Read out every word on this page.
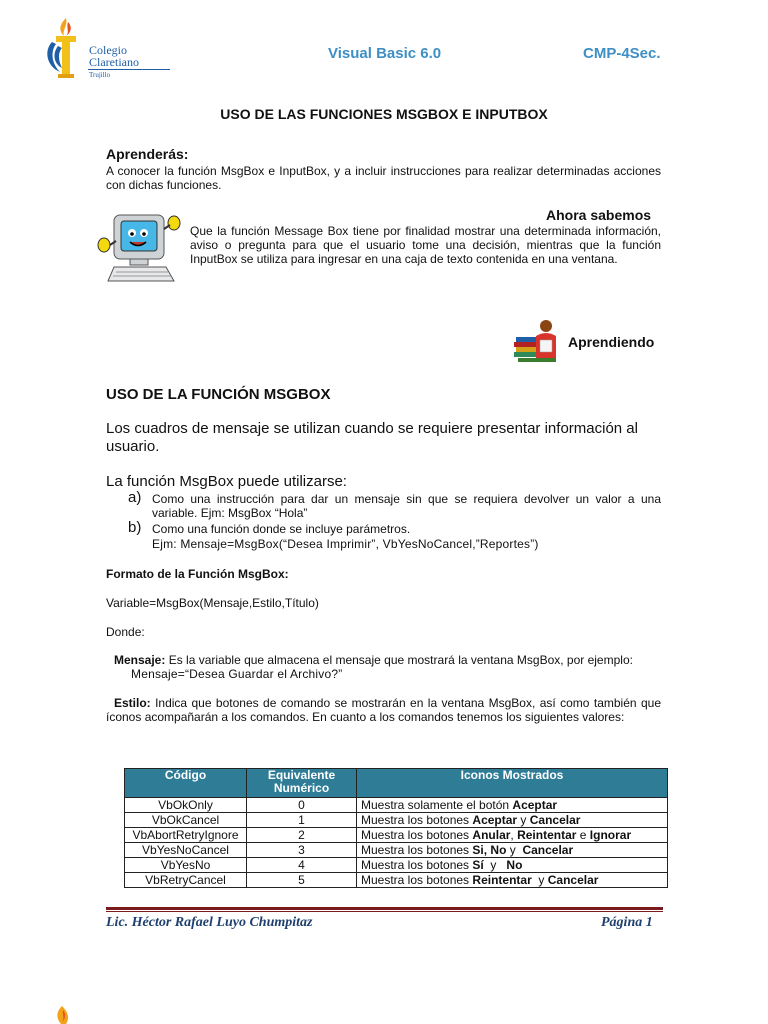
Colegio
Claretiano
Trujillo
Visual Basic 6.0	CMP-4Sec.
USO DE LAS FUNCIONES MSGBOX E INPUTBOX
Aprenderás:
A conocer la función MsgBox e InputBox, y a incluir instrucciones para realizar determinadas acciones con dichas funciones.
Ahora sabemos
Que la función Message Box tiene por finalidad mostrar una determinada información, aviso o pregunta para que el usuario tome una decisión, mientras que la función InputBox se utiliza para ingresar en una caja de texto contenida en una ventana.
Aprendiendo
USO DE LA FUNCIÓN MSGBOX
Los cuadros de mensaje se utilizan cuando se requiere presentar información al usuario.
La función MsgBox puede utilizarse:
a) Como una instrucción para dar un mensaje sin que se requiera devolver un valor a una variable. Ejm: MsgBox “Hola”
b) Como una función donde se incluye parámetros.
Ejm: Mensaje=MsgBox(“Desea Imprimir”, VbYesNoCancel,”Reportes”)
Formato de la Función MsgBox:
Variable=MsgBox(Mensaje,Estilo,Título)
Donde:
Mensaje: Es la variable que almacena el mensaje que mostrará la ventana MsgBox, por ejemplo:
Mensaje=“Desea Guardar el Archivo?”
Estilo: Indica que botones de comando se mostrarán en la ventana MsgBox, así como también que íconos acompañarán a los comandos. En cuanto a los comandos tenemos los siguientes valores:
Código	Equivalente Numérico	Iconos Mostrados
VbOkOnly	0	Muestra solamente el botón Aceptar
VbOkCancel	1	Muestra los botones Aceptar y Cancelar
VbAbortRetryIgnore	2	Muestra los botones Anular, Reintentar e Ignorar
VbYesNoCancel	3	Muestra los botones Si, No y  Cancelar
VbYesNo	4	Muestra los botones Sí  y   No
VbRetryCancel	5	Muestra los botones Reintentar  y Cancelar
Lic. Héctor Rafael Luyo Chumpitaz	Página 1
